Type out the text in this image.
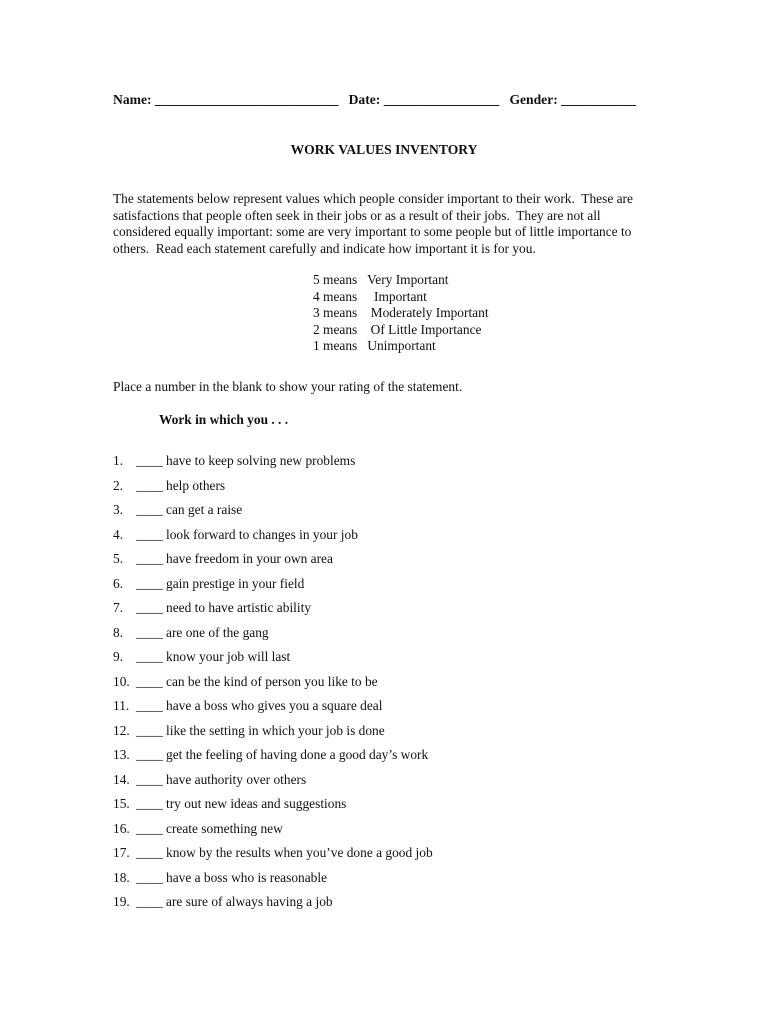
Name: ___________________________   Date: _________________   Gender: ___________
WORK VALUES INVENTORY
The statements below represent values which people consider important to their work.  These are
satisfactions that people often seek in their jobs or as a result of their jobs.  They are not all
considered equally important: some are very important to some people but of little importance to
others.  Read each statement carefully and indicate how important it is for you.
5 means Very Important
4 means     Important
3 means    Moderately Important
2 means    Of Little Importance
1 means Unimportant
Place a number in the blank to show your rating of the statement.
Work in which you . . .
1. ____ have to keep solving new problems
2. ____ help others
3. ____ can get a raise
4. ____ look forward to changes in your job
5. ____ have freedom in your own area
6. ____ gain prestige in your field
7. ____ need to have artistic ability
8. ____ are one of the gang
9. ____ know your job will last
10. ____ can be the kind of person you like to be
11. ____ have a boss who gives you a square deal
12. ____ like the setting in which your job is done
13. ____ get the feeling of having done a good day’s work
14. ____ have authority over others
15. ____ try out new ideas and suggestions
16. ____ create something new
17. ____ know by the results when you’ve done a good job
18. ____ have a boss who is reasonable
19. ____ are sure of always having a job
